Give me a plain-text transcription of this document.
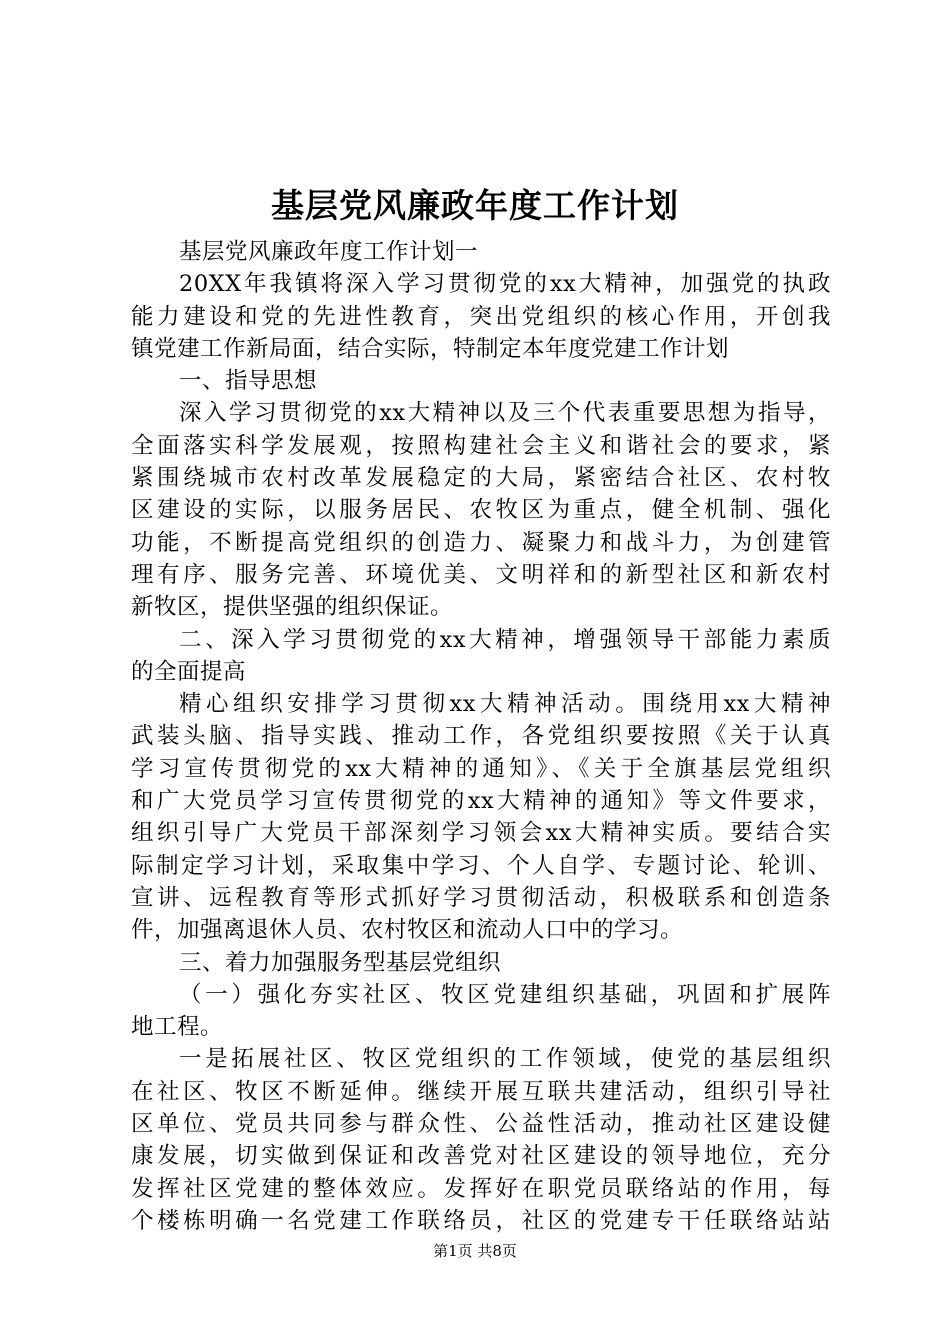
基层党风廉政年度工作计划
基层党风廉政年度工作计划一
20XX年我镇将深入学习贯彻党的xx大精神，加强党的执政
能力建设和党的先进性教育，突出党组织的核心作用，开创我
镇党建工作新局面，结合实际，特制定本年度党建工作计划
一、指导思想
深入学习贯彻党的xx大精神以及三个代表重要思想为指导，
全面落实科学发展观，按照构建社会主义和谐社会的要求，紧
紧围绕城市农村改革发展稳定的大局，紧密结合社区、农村牧
区建设的实际，以服务居民、农牧区为重点，健全机制、强化
功能，不断提高党组织的创造力、凝聚力和战斗力，为创建管
理有序、服务完善、环境优美、文明祥和的新型社区和新农村
新牧区，提供坚强的组织保证。
二、深入学习贯彻党的xx大精神，增强领导干部能力素质
的全面提高
精心组织安排学习贯彻xx大精神活动。围绕用xx大精神
武装头脑、指导实践、推动工作，各党组织要按照《关于认真
学习宣传贯彻党的xx大精神的通知》、《关于全旗基层党组织
和广大党员学习宣传贯彻党的xx大精神的通知》等文件要求，
组织引导广大党员干部深刻学习领会xx大精神实质。要结合实
际制定学习计划，采取集中学习、个人自学、专题讨论、轮训、
宣讲、远程教育等形式抓好学习贯彻活动，积极联系和创造条
件，加强离退休人员、农村牧区和流动人口中的学习。
三、着力加强服务型基层党组织
（一）强化夯实社区、牧区党建组织基础，巩固和扩展阵
地工程。
一是拓展社区、牧区党组织的工作领域，使党的基层组织
在社区、牧区不断延伸。继续开展互联共建活动，组织引导社
区单位、党员共同参与群众性、公益性活动，推动社区建设健
康发展，切实做到保证和改善党对社区建设的领导地位，充分
发挥社区党建的整体效应。发挥好在职党员联络站的作用，每
个楼栋明确一名党建工作联络员，社区的党建专干任联络站站
第1页 共8页
